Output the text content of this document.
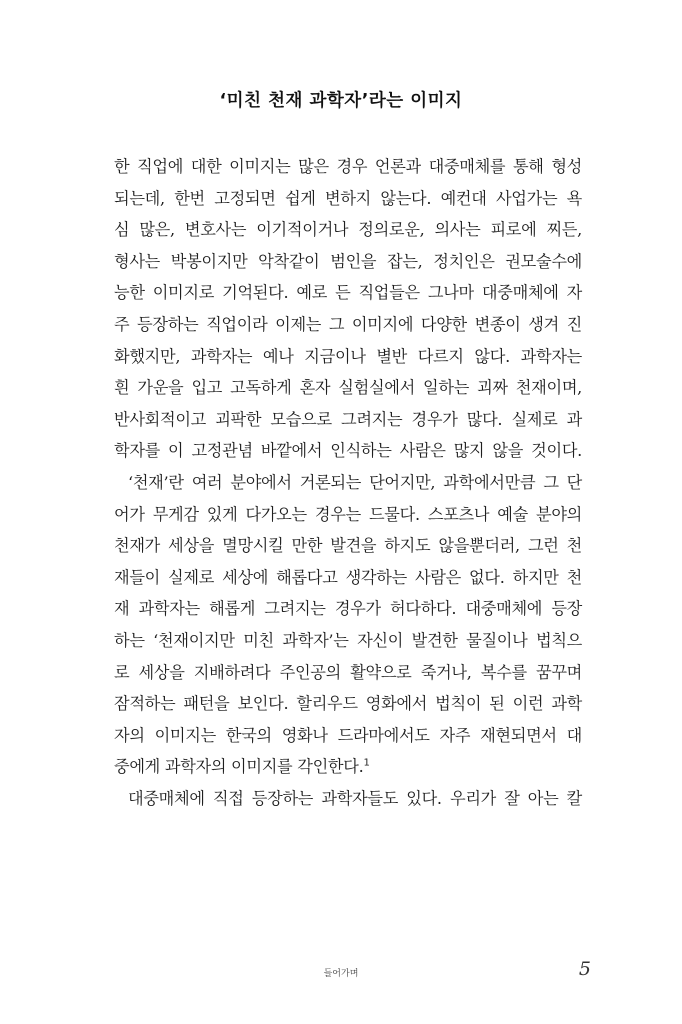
‘미친 천재 과학자’라는 이미지
한 직업에 대한 이미지는 많은 경우 언론과 대중매체를 통해 형성
되는데, 한번 고정되면 쉽게 변하지 않는다. 예컨대 사업가는 욕
심 많은, 변호사는 이기적이거나 정의로운, 의사는 피로에 찌든,
형사는 박봉이지만 악착같이 범인을 잡는, 정치인은 권모술수에
능한 이미지로 기억된다. 예로 든 직업들은 그나마 대중매체에 자
주 등장하는 직업이라 이제는 그 이미지에 다양한 변종이 생겨 진
화했지만, 과학자는 예나 지금이나 별반 다르지 않다. 과학자는
흰 가운을 입고 고독하게 혼자 실험실에서 일하는 괴짜 천재이며,
반사회적이고 괴팍한 모습으로 그려지는 경우가 많다. 실제로 과
학자를 이 고정관념 바깥에서 인식하는 사람은 많지 않을 것이다.
‘천재’란 여러 분야에서 거론되는 단어지만, 과학에서만큼 그 단
어가 무게감 있게 다가오는 경우는 드물다. 스포츠나 예술 분야의
천재가 세상을 멸망시킬 만한 발견을 하지도 않을뿐더러, 그런 천
재들이 실제로 세상에 해롭다고 생각하는 사람은 없다. 하지만 천
재 과학자는 해롭게 그려지는 경우가 허다하다. 대중매체에 등장
하는 ‘천재이지만 미친 과학자’는 자신이 발견한 물질이나 법칙으
로 세상을 지배하려다 주인공의 활약으로 죽거나, 복수를 꿈꾸며
잠적하는 패턴을 보인다. 할리우드 영화에서 법칙이 된 이런 과학
자의 이미지는 한국의 영화나 드라마에서도 자주 재현되면서 대
중에게 과학자의 이미지를 각인한다.$^1$
대중매체에 직접 등장하는 과학자들도 있다. 우리가 잘 아는 칼
들어가며	5
